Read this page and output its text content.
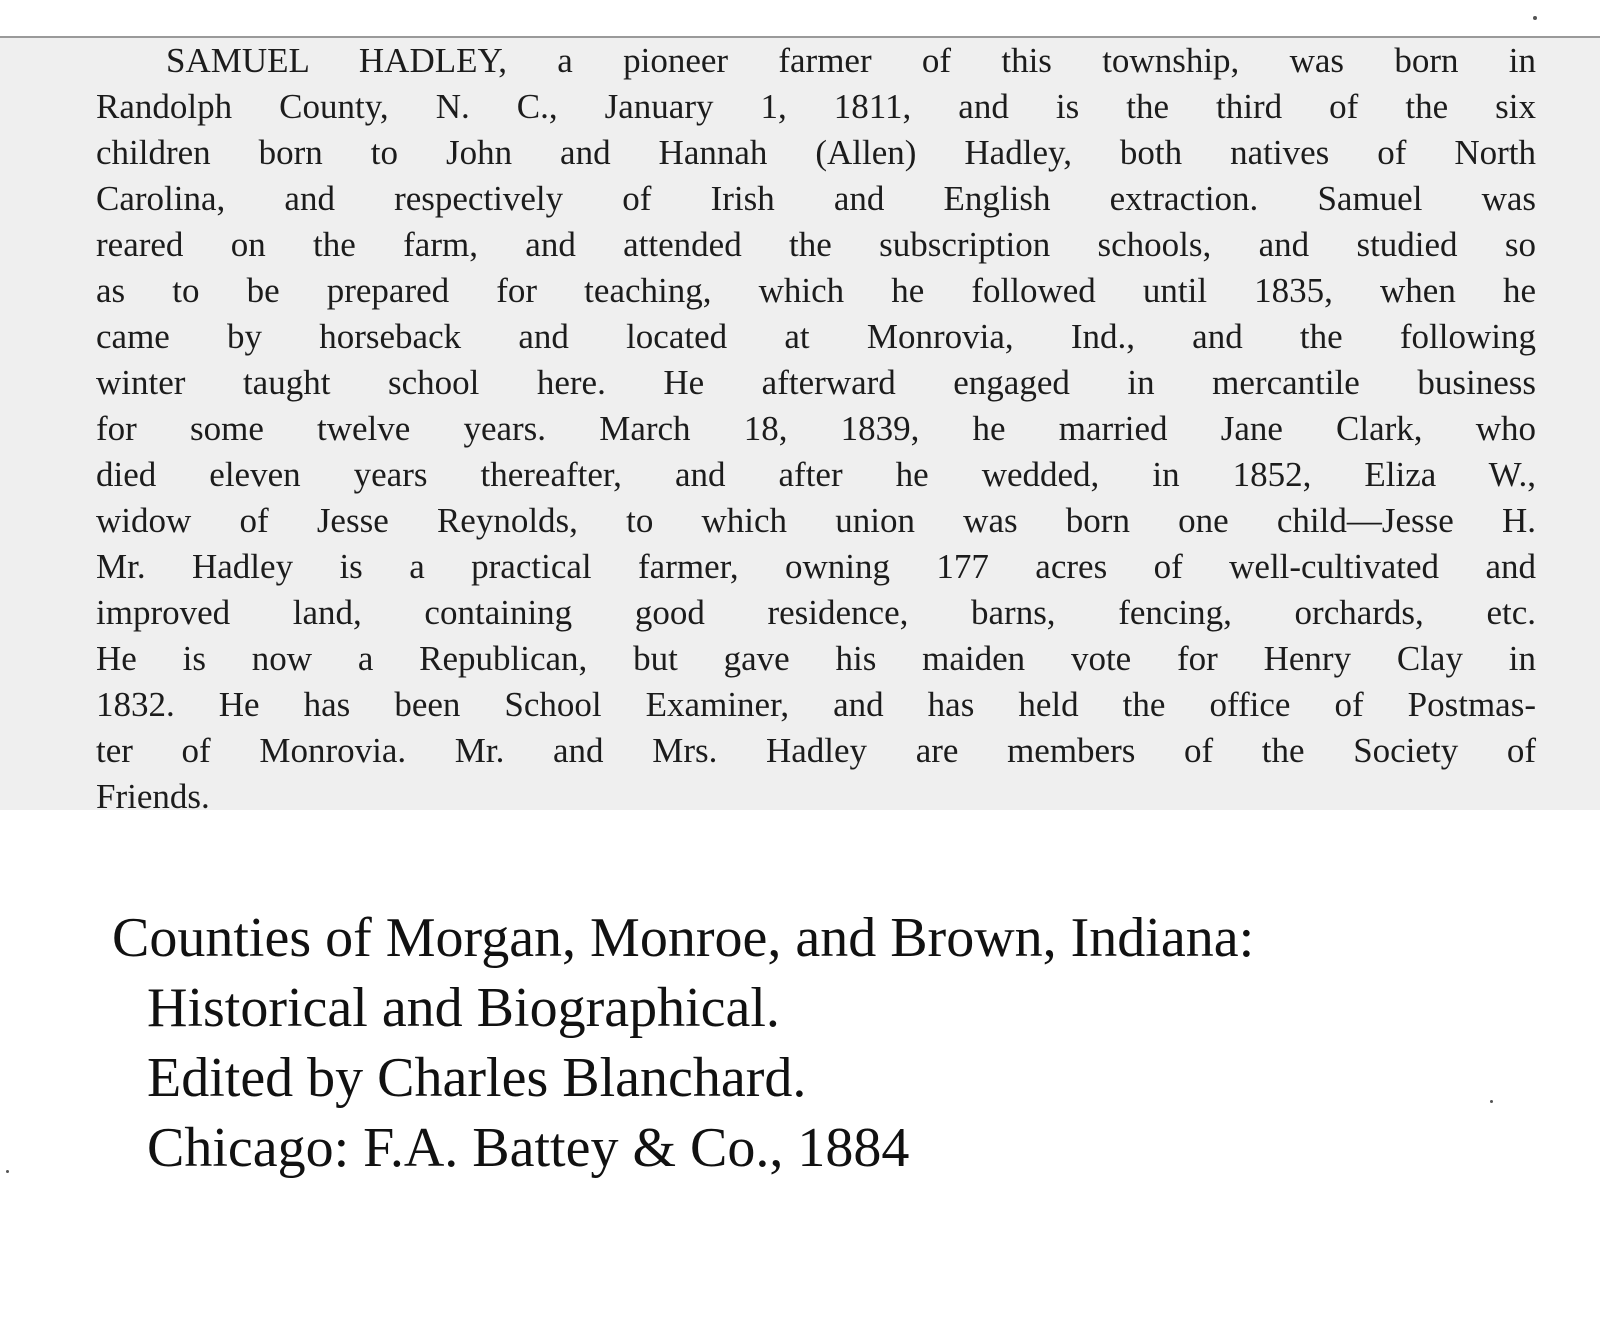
SAMUEL HADLEY, a pioneer farmer of this township, was born in
Randolph County, N. C., January 1, 1811, and is the third of the six
children born to John and Hannah (Allen) Hadley, both natives of North
Carolina, and respectively of Irish and English extraction. Samuel was
reared on the farm, and attended the subscription schools, and studied so
as to be prepared for teaching, which he followed until 1835, when he
came by horseback and located at Monrovia, Ind., and the following
winter taught school here. He afterward engaged in mercantile business
for some twelve years. March 18, 1839, he married Jane Clark, who
died eleven years thereafter, and after he wedded, in 1852, Eliza W.,
widow of Jesse Reynolds, to which union was born one child—Jesse H.
Mr. Hadley is a practical farmer, owning 177 acres of well-cultivated and
improved land, containing good residence, barns, fencing, orchards, etc.
He is now a Republican, but gave his maiden vote for Henry Clay in
1832. He has been School Examiner, and has held the office of Postmas-
ter of Monrovia. Mr. and Mrs. Hadley are members of the Society of
Friends.
Counties of Morgan, Monroe, and Brown, Indiana:
Historical and Biographical.
Edited by Charles Blanchard.
Chicago: F.A. Battey & Co., 1884
